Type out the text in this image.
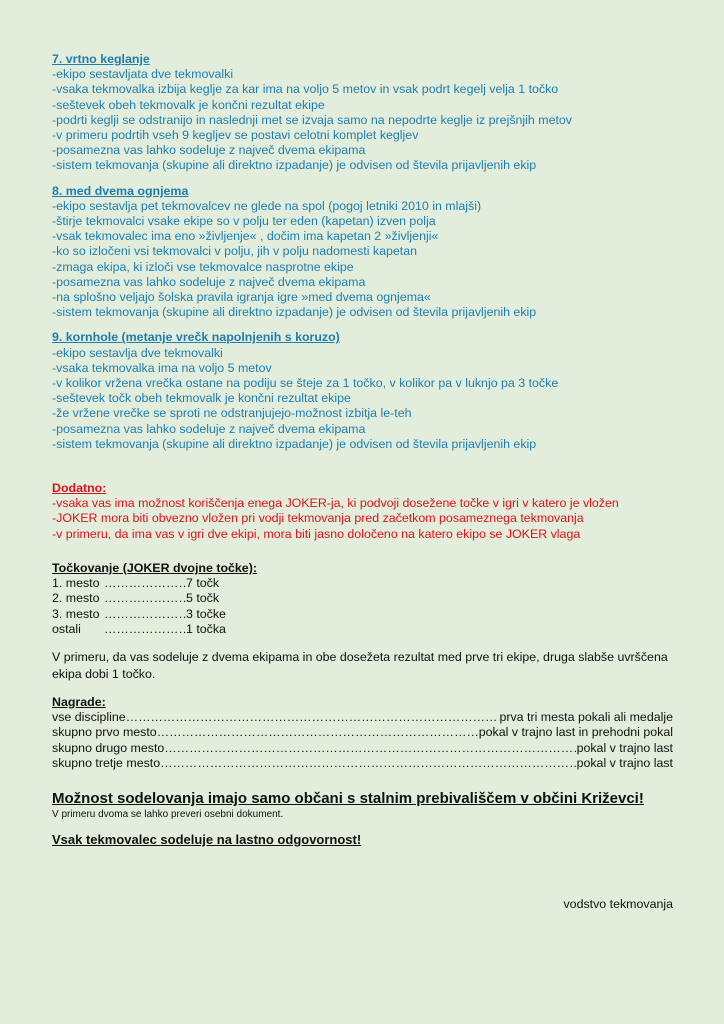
7. vrtno keglanje
-ekipo sestavljata dve tekmovalki
-vsaka tekmovalka izbija keglje za kar ima na voljo 5 metov in vsak podrt kegelj velja 1 točko
-seštevek obeh tekmovalk je končni rezultat ekipe
-podrti keglji se odstranijo in naslednji met se izvaja samo na nepodrte keglje iz prejšnjih metov
-v primeru podrtih vseh 9 kegljev se postavi celotni komplet kegljev
-posamezna vas lahko sodeluje z največ dvema ekipama
-sistem tekmovanja (skupine ali direktno izpadanje) je odvisen od števila prijavljenih ekip
8. med dvema ognjema
-ekipo sestavlja pet tekmovalcev ne glede na spol (pogoj letniki 2010 in mlajši)
-štirje tekmovalci vsake ekipe so v polju ter eden (kapetan) izven polja
-vsak tekmovalec ima eno »življenje« , dočim ima kapetan 2 »življenji«
-ko so izločeni vsi tekmovalci v polju, jih v polju nadomesti kapetan
-zmaga ekipa, ki izloči vse tekmovalce nasprotne ekipe
-posamezna vas lahko sodeluje z največ dvema ekipama
-na splošno veljajo šolska pravila igranja igre »med dvema ognjema«
-sistem tekmovanja (skupine ali direktno izpadanje) je odvisen od števila prijavljenih ekip
9. kornhole (metanje vrečk napolnjenih s koruzo)
-ekipo sestavlja dve tekmovalki
-vsaka tekmovalka ima na voljo 5 metov
-v kolikor vržena vrečka ostane na podiju se šteje za 1 točko, v kolikor pa v luknjo pa 3 točke
-seštevek točk obeh tekmovalk je končni rezultat ekipe
-že vržene vrečke se sproti ne odstranjujejo-možnost izbitja le-teh
-posamezna vas lahko sodeluje z največ dvema ekipama
-sistem tekmovanja (skupine ali direktno izpadanje) je odvisen od števila prijavljenih ekip
Dodatno:
-vsaka vas ima možnost koriščenja enega JOKER-ja, ki podvoji dosežene točke v igri v katero je vložen
-JOKER mora biti obvezno vložen pri vodji tekmovanja pred začetkom posameznega tekmovanja
-v primeru, da ima vas v igri dve ekipi, mora biti jasno določeno na katero ekipo se JOKER vlaga
Točkovanje (JOKER dvojne točke):
1. mesto …………………………………	7 točk
2. mesto …………………………………	5 točk
3. mesto …………………………………	3 točke
ostali …………………………………	1 točka
V primeru, da vas sodeluje z dvema ekipama in obe dosežeta rezultat med prve tri ekipe, druga slabše uvrščena ekipa dobi 1 točko.
Nagrade:
vse discipline ……………………………………………………………………………………………………………………………………………	prva tri mesta pokali ali medalje
skupno prvo mesto ……………………………………………………………………………………………………………………………………………	pokal v trajno last in prehodni pokal
skupno drugo mesto ……………………………………………………………………………………………………………………………………………	pokal v trajno last
skupno tretje mesto ……………………………………………………………………………………………………………………………………………	pokal v trajno last
Možnost sodelovanja imajo samo občani s stalnim prebivališčem v občini Križevci!
V primeru dvoma se lahko preveri osebni dokument.
Vsak tekmovalec sodeluje na lastno odgovornost!
vodstvo tekmovanja
